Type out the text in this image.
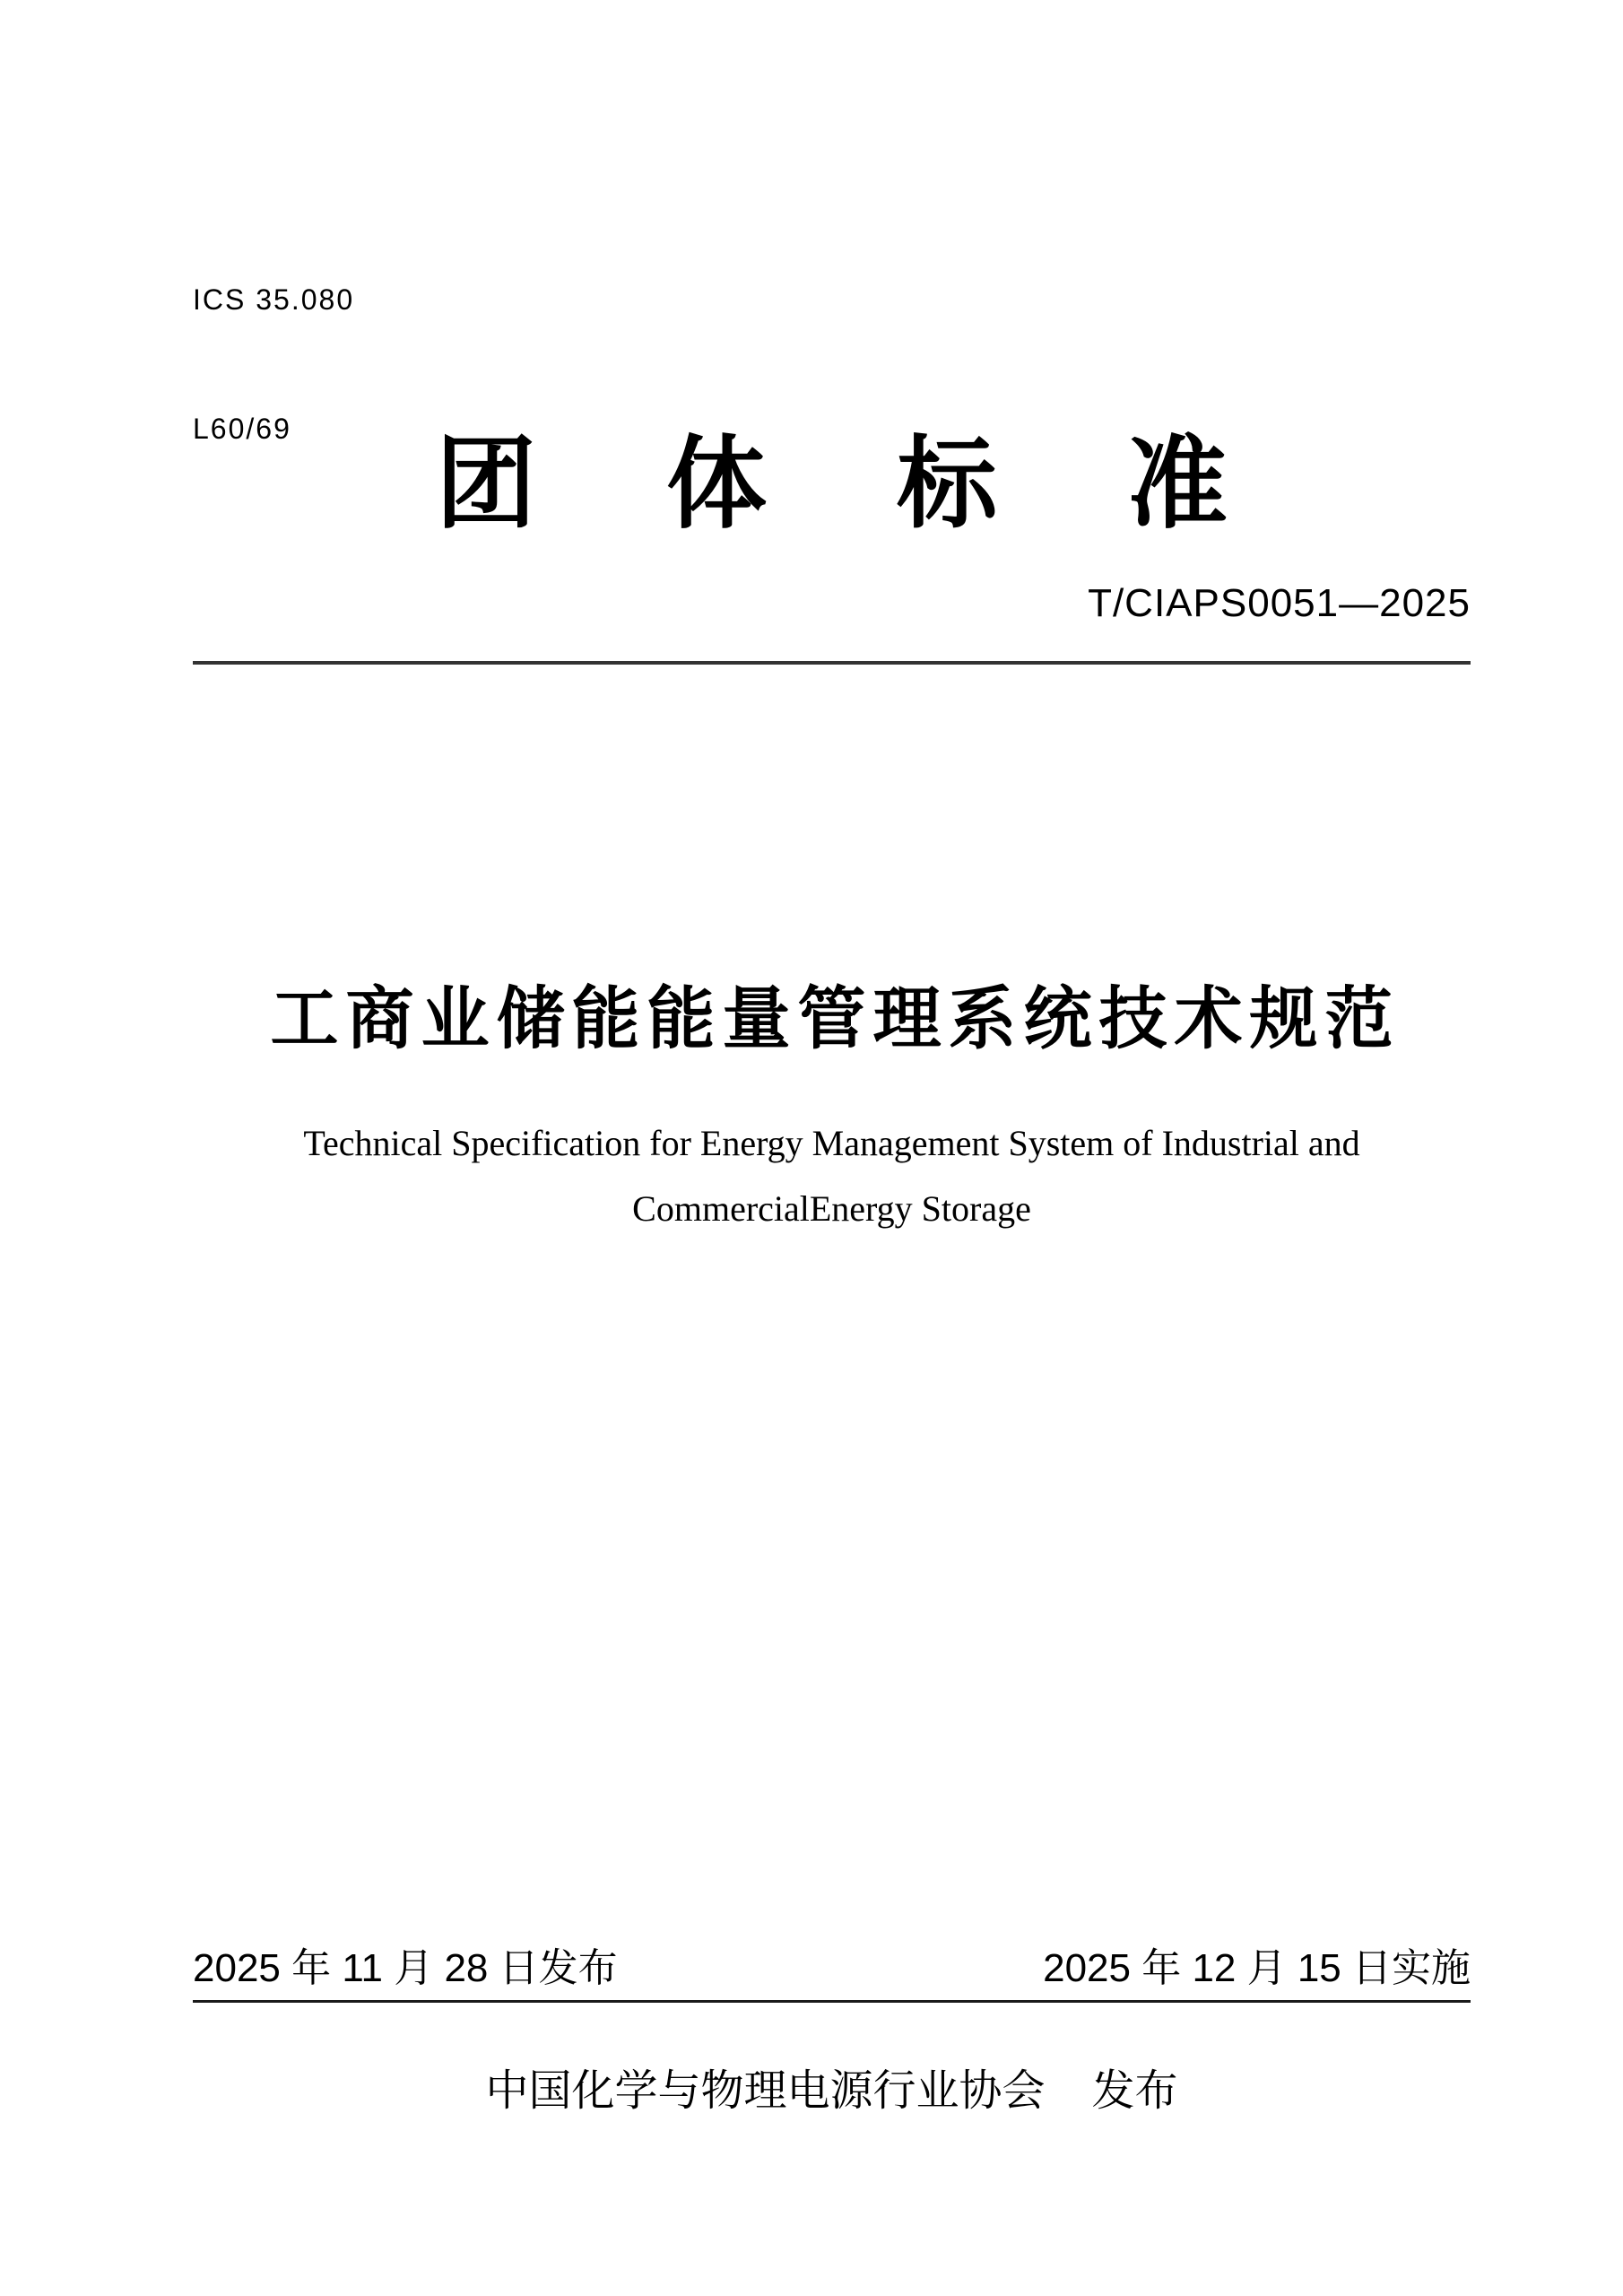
ICS 35.080

L60/69

	团体标准
T/CIAPS0051—2025
工商业储能能量管理系统技术规范
Technical Specification for Energy Management System of Industrial and
CommercialEnergy Storage
2025 年 11 月 28 日发布	2025 年 12 月 15 日实施
中国化学与物理电源行业协会 发布
